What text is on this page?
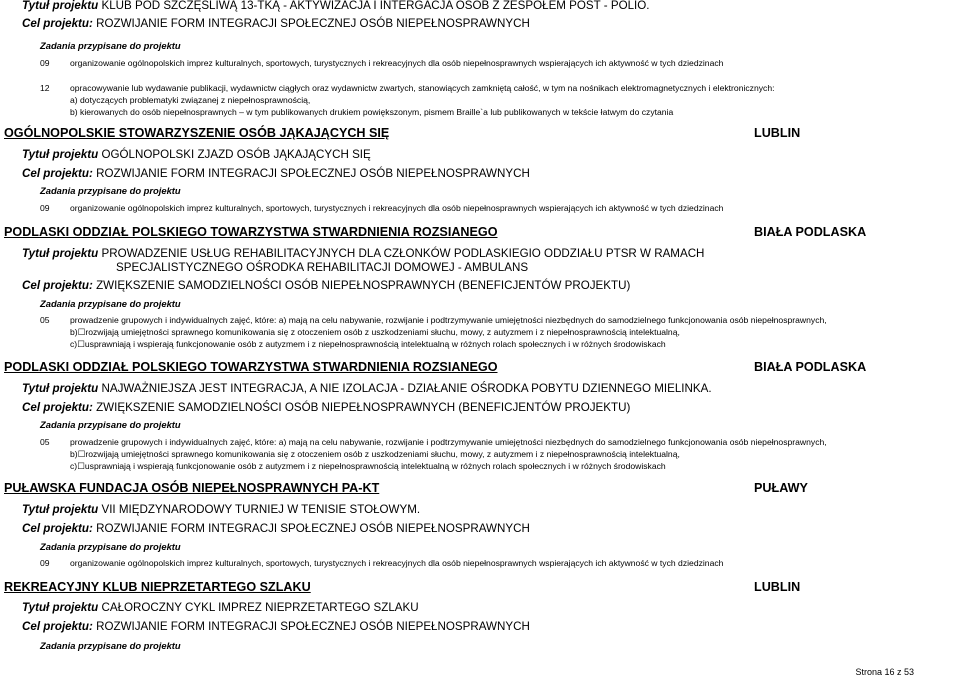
Tytuł projektu KLUB POD SZCZĘŚLIWĄ 13-TKĄ - AKTYWIZACJA I INTERGACJA OSÓB Z ZESPOŁEM POST - POLIO.
Cel projektu: ROZWIJANIE FORM INTEGRACJI SPOŁECZNEJ OSÓB NIEPEŁNOSPRAWNYCH
Zadania przypisane do projektu
09 organizowanie ogólnopolskich imprez kulturalnych, sportowych, turystycznych i rekreacyjnych dla osób niepełnosprawnych wspierających ich aktywność w tych dziedzinach
12 opracowywanie lub wydawanie publikacji, wydawnictw ciągłych oraz wydawnictw zwartych, stanowiących zamkniętą całość, w tym na nośnikach elektromagnetycznych i elektronicznych:
a) dotyczących problematyki związanej z niepełnosprawnością,
b) kierowanych do osób niepełnosprawnych – w tym publikowanych drukiem powiększonym, pismem Braille`a lub publikowanych w tekście łatwym do czytania
OGÓLNOPOLSKIE STOWARZYSZENIE OSÓB JĄKAJĄCYCH SIĘ	LUBLIN
Tytuł projektu OGÓLNOPOLSKI ZJAZD OSÓB JĄKAJĄCYCH SIĘ
Cel projektu: ROZWIJANIE FORM INTEGRACJI SPOŁECZNEJ OSÓB NIEPEŁNOSPRAWNYCH
Zadania przypisane do projektu
09 organizowanie ogólnopolskich imprez kulturalnych, sportowych, turystycznych i rekreacyjnych dla osób niepełnosprawnych wspierających ich aktywność w tych dziedzinach
PODLASKI ODDZIAŁ POLSKIEGO TOWARZYSTWA STWARDNIENIA ROZSIANEGO	BIAŁA PODLASKA
Tytuł projektu PROWADZENIE USŁUG REHABILITACYJNYCH DLA CZŁONKÓW PODLASKIEGIO ODDZIAŁU PTSR W RAMACH
SPECJALISTYCZNEGO OŚRODKA REHABILITACJI DOMOWEJ - AMBULANS
Cel projektu: ZWIĘKSZENIE SAMODZIELNOŚCI OSÓB NIEPEŁNOSPRAWNYCH (BENEFICJENTÓW PROJEKTU)
Zadania przypisane do projektu
05 prowadzenie grupowych i indywidualnych zajęć, które: a) mają na celu nabywanie, rozwijanie i podtrzymywanie umiejętności niezbędnych do samodzielnego funkcjonowania osób niepełnosprawnych,
b)☐rozwijają umiejętności sprawnego komunikowania się z otoczeniem osób z uszkodzeniami słuchu, mowy, z autyzmem i z niepełnosprawnością intelektualną,
c)☐usprawniają i wspierają funkcjonowanie osób z autyzmem i z niepełnosprawnością intelektualną w różnych rolach społecznych i w różnych środowiskach
PODLASKI ODDZIAŁ POLSKIEGO TOWARZYSTWA STWARDNIENIA ROZSIANEGO	BIAŁA PODLASKA
Tytuł projektu NAJWAŻNIEJSZA JEST INTEGRACJA, A NIE IZOLACJA - DZIAŁANIE OŚRODKA POBYTU DZIENNEGO MIELINKA.
Cel projektu: ZWIĘKSZENIE SAMODZIELNOŚCI OSÓB NIEPEŁNOSPRAWNYCH (BENEFICJENTÓW PROJEKTU)
Zadania przypisane do projektu
05 prowadzenie grupowych i indywidualnych zajęć, które: a) mają na celu nabywanie, rozwijanie i podtrzymywanie umiejętności niezbędnych do samodzielnego funkcjonowania osób niepełnosprawnych,
b)☐rozwijają umiejętności sprawnego komunikowania się z otoczeniem osób z uszkodzeniami słuchu, mowy, z autyzmem i z niepełnosprawnością intelektualną,
c)☐usprawniają i wspierają funkcjonowanie osób z autyzmem i z niepełnosprawnością intelektualną w różnych rolach społecznych i w różnych środowiskach
PUŁAWSKA FUNDACJA OSÓB NIEPEŁNOSPRAWNYCH PA-KT	PUŁAWY
Tytuł projektu VII MIĘDZYNARODOWY TURNIEJ W TENISIE STOŁOWYM.
Cel projektu: ROZWIJANIE FORM INTEGRACJI SPOŁECZNEJ OSÓB NIEPEŁNOSPRAWNYCH
Zadania przypisane do projektu
09 organizowanie ogólnopolskich imprez kulturalnych, sportowych, turystycznych i rekreacyjnych dla osób niepełnosprawnych wspierających ich aktywność w tych dziedzinach
REKREACYJNY KLUB NIEPRZETARTEGO SZLAKU	LUBLIN
Tytuł projektu CAŁOROCZNY CYKL IMPREZ NIEPRZETARTEGO SZLAKU
Cel projektu: ROZWIJANIE FORM INTEGRACJI SPOŁECZNEJ OSÓB NIEPEŁNOSPRAWNYCH
Zadania przypisane do projektu
Strona 16 z 53
